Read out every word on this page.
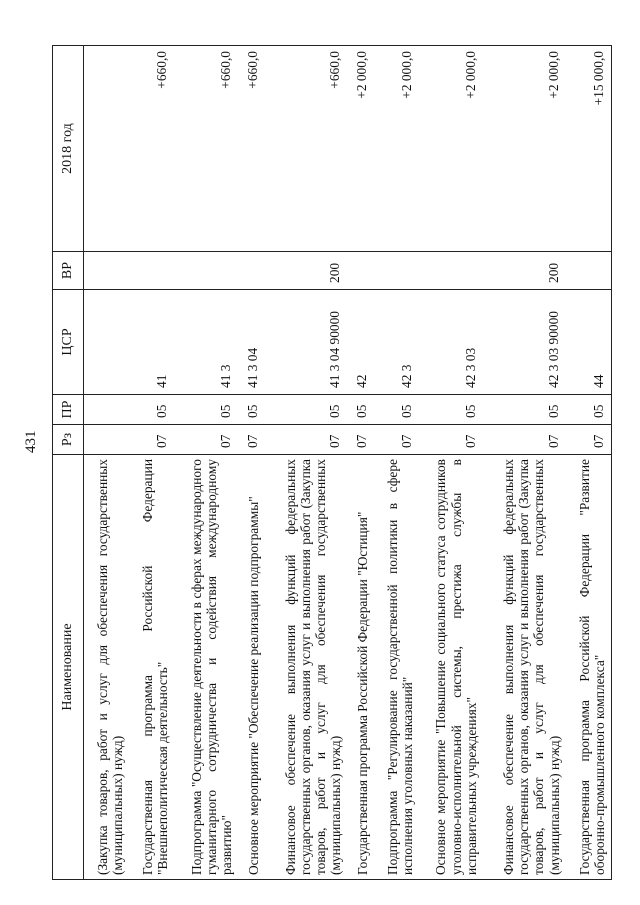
431
Наименование	Рз	ПР	ЦСР	ВР	2018 год
(Закупка товаров, работ и услуг для обеспечения государственных (муниципальных) нужд)					
Государственная программа Российской Федерации "Внешнеполитическая деятельность"	07	05	41		+660,0
Подпрограмма "Осуществление деятельности в сферах международного гуманитарного сотрудничества и содействия международному развитию"	07	05	41 3		+660,0
Основное мероприятие "Обеспечение реализации подпрограммы"	07	05	41 3 04		+660,0
Финансовое обеспечение выполнения функций федеральных государственных органов, оказания услуг и выполнения работ (Закупка товаров, работ и услуг для обеспечения государственных (муниципальных) нужд)	07	05	41 3 04 90000	200	+660,0
Государственная программа Российской Федерации "Юстиция"	07	05	42		+2 000,0
Подпрограмма "Регулирование государственной политики в сфере исполнения уголовных наказаний"	07	05	42 3		+2 000,0
Основное мероприятие "Повышение социального статуса сотрудников уголовно-исполнительной системы, престижа службы в исправительных учреждениях"	07	05	42 3 03		+2 000,0
Финансовое обеспечение выполнения функций федеральных государственных органов, оказания услуг и выполнения работ (Закупка товаров, работ и услуг для обеспечения государственных (муниципальных) нужд)	07	05	42 3 03 90000	200	+2 000,0
Государственная программа Российской Федерации "Развитие оборонно-промышленного комплекса"	07	05	44		+15 000,0
